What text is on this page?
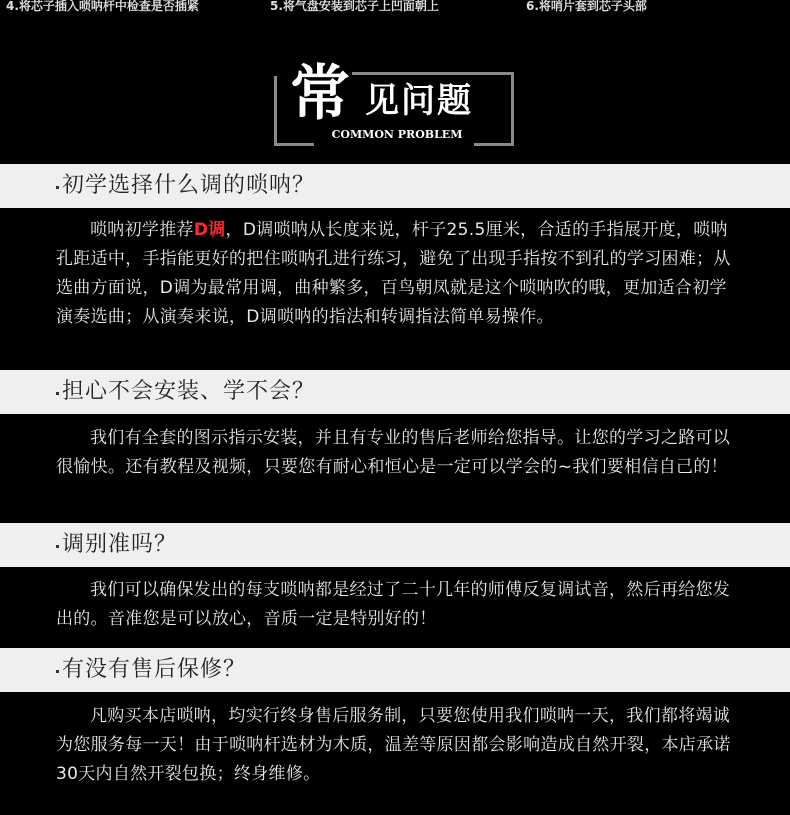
4.将芯子插入唢呐杆中检查是否插紧	5.将气盘安装到芯子上凹面朝上	6.将哨片套到芯子头部
常 见问题
COMMON PROBLEM
初学选择什么调的唢呐？

唢呐初学推荐D调，D调唢呐从长度来说，杆子25.5厘米，合适的手指展开度，唢呐孔距适中，手指能更好的把住唢呐孔进行练习，避免了出现手指按不到孔的学习困难；从选曲方面说，D调为最常用调，曲种繁多，百鸟朝凤就是这个唢呐吹的哦，更加适合初学演奏选曲；从演奏来说，D调唢呐的指法和转调指法简单易操作。

担心不会安装、学不会？

我们有全套的图示指示安装，并且有专业的售后老师给您指导。让您的学习之路可以很愉快。还有教程及视频，只要您有耐心和恒心是一定可以学会的~我们要相信自己的！

调别准吗？

我们可以确保发出的每支唢呐都是经过了二十几年的师傅反复调试音，然后再给您发出的。音准您是可以放心，音质一定是特别好的！

有没有售后保修？

凡购买本店唢呐，均实行终身售后服务制，只要您使用我们唢呐一天，我们都将竭诚为您服务每一天！由于唢呐杆选材为木质，温差等原因都会影响造成自然开裂，本店承诺30天内自然开裂包换；终身维修。
